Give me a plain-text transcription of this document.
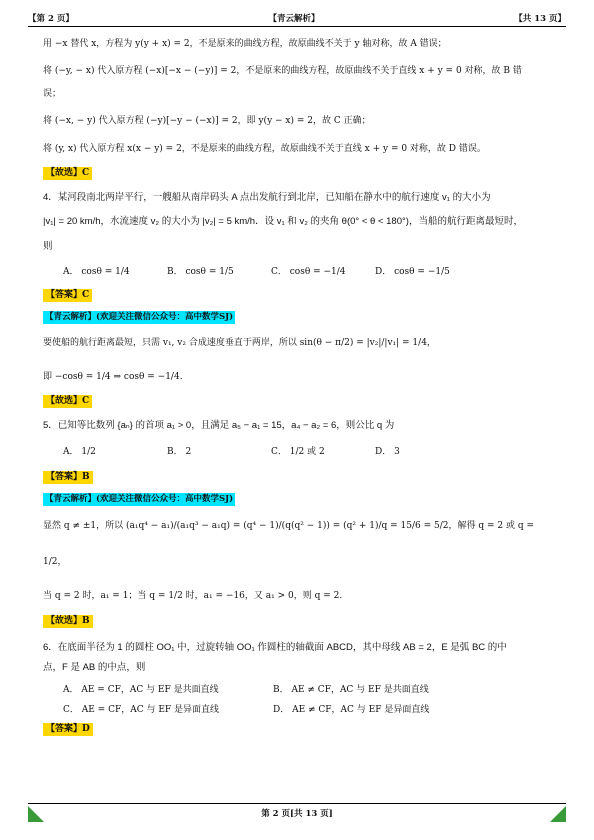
【第 2 页】	【青云解析】	【共 13 页】

用 −x 替代 x，方程为 y(y + x) = 2，不是原来的曲线方程，故原曲线不关于 y 轴对称，故 A 错误；

将 (−y, − x) 代入原方程 (−x)[−x − (−y)] = 2，不是原来的曲线方程，故原曲线不关于直线 x + y = 0 对称，故 B 错

误；

将 (−x, − y) 代入原方程 (−y)[−y − (−x)] = 2，即 y(y − x) = 2，故 C 正确；

将 (y, x) 代入原方程 x(x − y) = 2，不是原来的曲线方程，故原曲线不关于直线 x + y = 0 对称，故 D 错误。

【故选】C

4．某河段南北两岸平行，一艘船从南岸码头 A 点出发航行到北岸，已知船在静水中的航行速度 v₁ 的大小为

|v₁| = 20 km/h，水流速度 v₂ 的大小为 |v₂| = 5 km/h．设 v₁ 和 v₂ 的夹角 θ(0° < θ < 180°)，当船的航行距离最短时，

则

A． cosθ = 1/4	B． cosθ = 1/5	C． cosθ = −1/4	D． cosθ = −1/5
【答案】C
【青云解析】(欢迎关注微信公众号：高中数学SJ)

要使船的航行距离最短，只需 v₁, v₂ 合成速度垂直于两岸，所以 sin(θ − π/2) = |v₂|/|v₁| = 1/4，

即 −cosθ = 1/4 ⇒ cosθ = −1/4．

【故选】C

5．已知等比数列 {aₙ} 的首项 a₁ > 0，且满足 a₅ − a₁ = 15，a₄ − a₂ = 6，则公比 q 为

A． 1/2	B． 2	C． 1/2 或 2	D． 3
【答案】B
【青云解析】(欢迎关注微信公众号：高中数学SJ)

显然 q ≠ ±1，所以 (a₁q⁴ − a₁)/(a₁q³ − a₁q) = (q⁴ − 1)/(q(q² − 1)) = (q² + 1)/q = 15/6 = 5/2，解得 q = 2 或 q = 1/2，

当 q = 2 时，a₁ = 1；当 q = 1/2 时，a₁ = −16，又 a₁ > 0，则 q = 2．

【故选】B

6．在底面半径为 1 的圆柱 OO₁ 中，过旋转轴 OO₁ 作圆柱的轴截面 ABCD，其中母线 AB = 2，E 是弧 BC 的中

点，F 是 AB 的中点，则

A． AE = CF，AC 与 EF 是共面直线	B． AE ≠ CF，AC 与 EF 是共面直线
C． AE = CF，AC 与 EF 是异面直线	D． AE ≠ CF，AC 与 EF 是异面直线
【答案】D
第 2 页[共 13 页]
